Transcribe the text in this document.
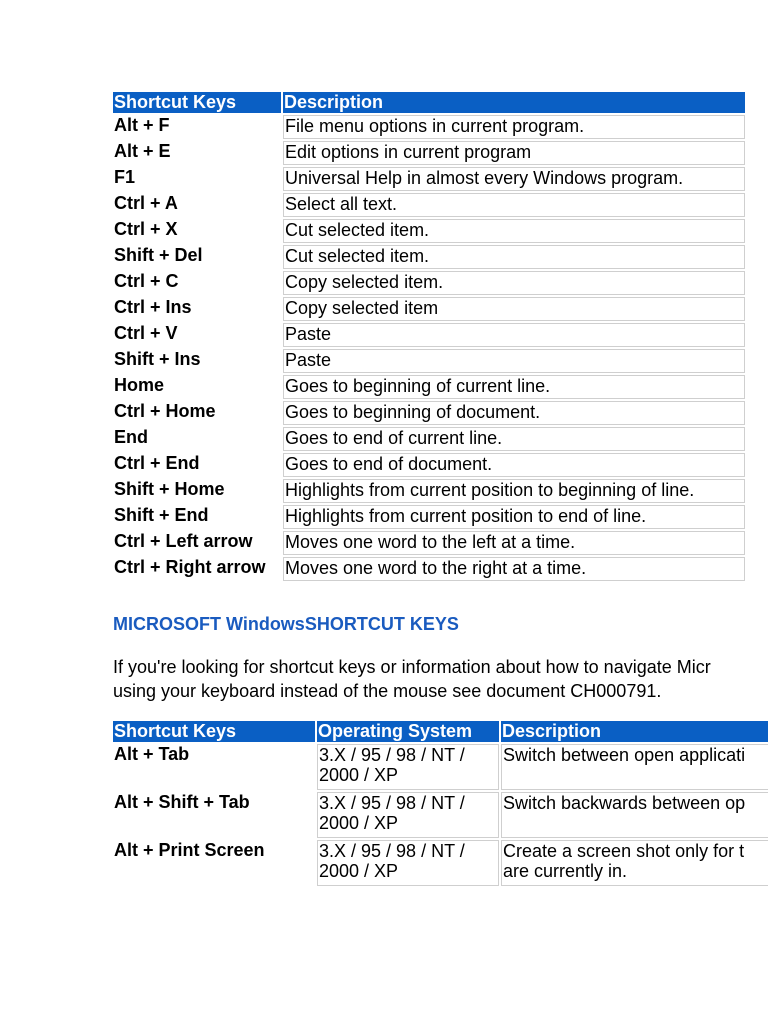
Shortcut Keys	Description
Alt + F	File menu options in current program.
Alt + E	Edit options in current program
F1	Universal Help in almost every Windows program.
Ctrl + A	Select all text.
Ctrl + X	Cut selected item.
Shift + Del	Cut selected item.
Ctrl + C	Copy selected item.
Ctrl + Ins	Copy selected item
Ctrl + V	Paste
Shift + Ins	Paste
Home	Goes to beginning of current line.
Ctrl + Home	Goes to beginning of document.
End	Goes to end of current line.
Ctrl + End	Goes to end of document.
Shift + Home	Highlights from current position to beginning of line.
Shift + End	Highlights from current position to end of line.
Ctrl + Left arrow	Moves one word to the left at a time.
Ctrl + Right arrow	Moves one word to the right at a time.
MICROSOFT WindowsSHORTCUT KEYS

If you're looking for shortcut keys or information about how to navigate Micr
using your keyboard instead of the mouse see document CH000791.

Shortcut Keys	Operating System	Description
Alt + Tab	3.X / 95 / 98 / NT /
2000 / XP	Switch between open applicati
Alt + Shift + Tab	3.X / 95 / 98 / NT /
2000 / XP	Switch backwards between op
Alt + Print Screen	3.X / 95 / 98 / NT /
2000 / XP	Create a screen shot only for t
are currently in.
